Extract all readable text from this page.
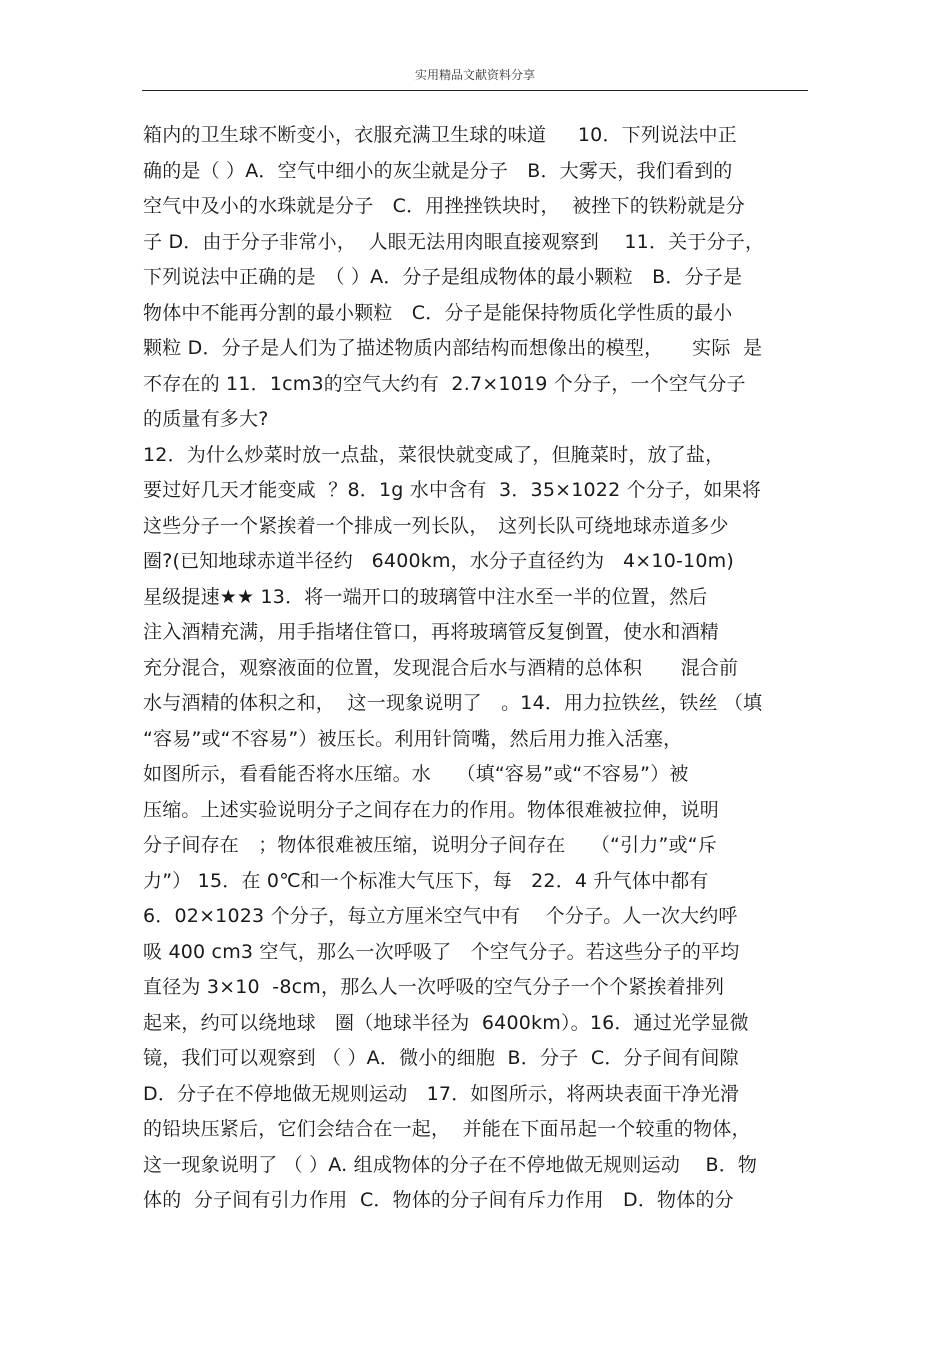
实用精品文献资料分享
箱内的卫生球不断变小，衣服充满卫生球的味道　  10．下列说法中正
确的是（ ）A．空气中细小的灰尘就是分子　B．大雾天，我们看到的
空气中及小的水珠就是分子　C．用挫挫铁块时，  被挫下的铁粉就是分
子 D．由于分子非常小，  人眼无法用肉眼直接观察到　 11．关于分子，
下列说法中正确的是　（ ）A．分子是组成物体的最小颗粒　B．分子是
物体中不能再分割的最小颗粒　C．分子是能保持物质化学性质的最小
颗粒 D．分子是人们为了描述物质内部结构而想像出的模型，　　实际  是
不存在的 11．1cm3的空气大约有  2.7×1019 个分子，一个空气分子
的质量有多大?
12．为什么炒菜时放一点盐，菜很快就变咸了，但腌菜时，放了盐，
要过好几天才能变咸  ？8．1g 水中含有  3．35×1022 个分子，如果将
这些分子一个紧挨着一个排成一列长队，　这列长队可绕地球赤道多少
圈?(已知地球赤道半径约   6400km，水分子直径约为   4×10-10m)
星级提速★★ 13．将一端开口的玻璃管中注水至一半的位置，然后
注入酒精充满，用手指堵住管口，再将玻璃管反复倒置，使水和酒精
充分混合，观察液面的位置，发现混合后水与酒精的总体积　　混合前
水与酒精的体积之和，  这一现象说明了　。14．用力拉铁丝，铁丝 （填
“容易”或“不容易”）被压长。利用针筒嘴，然后用力推入活塞，
如图所示，看看能否将水压缩。水　 （填“容易”或“不容易”）被
压缩。上述实验说明分子之间存在力的作用。物体很难被拉伸，说明
分子间存在　；物体很难被压缩，说明分子间存在　 （“引力”或“斥
力”） 15．在 0℃和一个标准大气压下，每　22．4 升气体中都有
6．02×1023 个分子，每立方厘米空气中有　 个分子。人一次大约呼
吸 400 cm3 空气，那么一次呼吸了　个空气分子。若这些分子的平均
直径为 3×10  -8cm，那么人一次呼吸的空气分子一个个紧挨着排列
起来，约可以绕地球　圈（地球半径为  6400km）。16．通过光学显微
镜，我们可以观察到 （ ）A．微小的细胞  B．分子  C．分子间有间隙
D．分子在不停地做无规则运动　17．如图所示，将两块表面干净光滑
的铅块压紧后，它们会结合在一起，  并能在下面吊起一个较重的物体，
这一现象说明了 （ ）A. 组成物体的分子在不停地做无规则运动　 B．物
体的  分子间有引力作用  C．物体的分子间有斥力作用　D．物体的分
